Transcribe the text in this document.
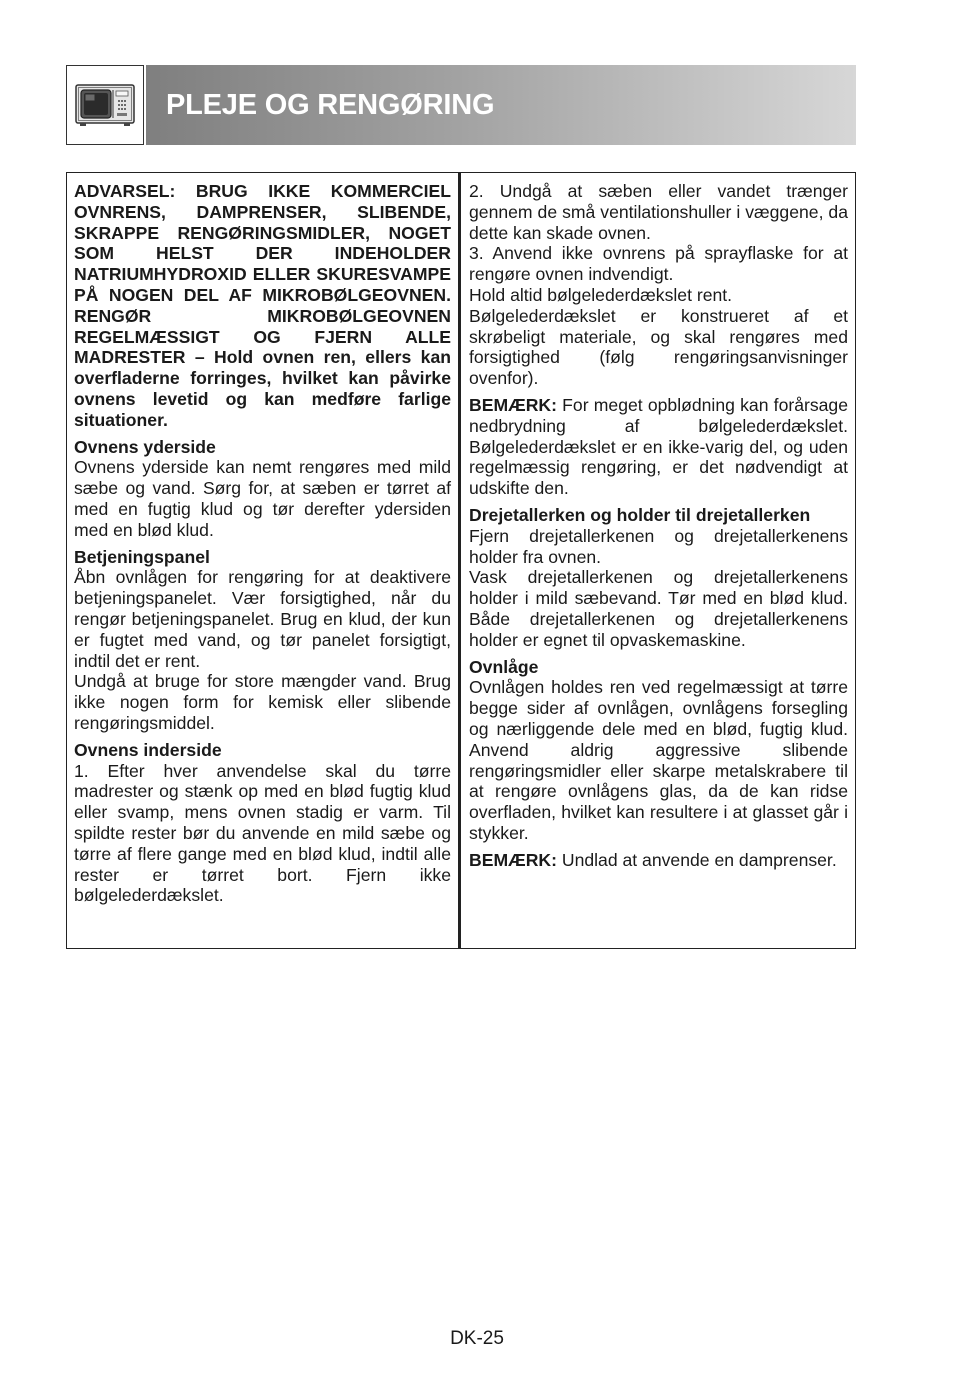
PLEJE OG RENGØRING

ADVARSEL: BRUG IKKE KOMMERCIEL OVNRENS, DAMPRENSER, SLIBENDE, SKRAPPE RENGØRINGSMIDLER, NOGET SOM HELST DER INDEHOLDER NATRIUMHYDROXID ELLER SKURESVAMPE PÅ NOGEN DEL AF MIKROBØLGEOVNEN. RENGØR MIKROBØLGEOVNEN REGELMÆSSIGT OG FJERN ALLE MADRESTER – Hold ovnen ren, ellers kan overfladerne forringes, hvilket kan påvirke ovnens levetid og kan medføre farlige situationer.

Ovnens yderside

Ovnens yderside kan nemt rengøres med mild sæbe og vand. Sørg for, at sæben er tørret af med en fugtig klud og tør derefter ydersiden med en blød klud.

Betjeningspanel

Åbn ovnlågen for rengøring for at deaktivere betjeningspanelet. Vær forsigtighed, når du rengør betjeningspanelet. Brug en klud, der kun er fugtet med vand, og tør panelet forsigtigt, indtil det er rent.

Undgå at bruge for store mængder vand. Brug ikke nogen form for kemisk eller slibende rengøringsmiddel.

Ovnens inderside

1. Efter hver anvendelse skal du tørre madrester og stænk op med en blød fugtig klud eller svamp, mens ovnen stadig er varm. Til spildte rester bør du anvende en mild sæbe og tørre af flere gange med en blød klud, indtil alle rester er tørret bort. Fjern ikke bølgelederdækslet.

2. Undgå at sæben eller vandet trænger gennem de små ventilationshuller i væggene, da dette kan skade ovnen.

3. Anvend ikke ovnrens på sprayflaske for at rengøre ovnen indvendigt.

Hold altid bølgelederdækslet rent.

Bølgelederdækslet er konstrueret af et skrøbeligt materiale, og skal rengøres med forsigtighed (følg rengøringsanvisninger ovenfor).

BEMÆRK: For meget opblødning kan forårsage nedbrydning af bølgelederdækslet. Bølgelederdækslet er en ikke-varig del, og uden regelmæssig rengøring, er det nødvendigt at udskifte den.

Drejetallerken og holder til drejetallerken

Fjern drejetallerkenen og drejetallerkenens holder fra ovnen.

Vask drejetallerkenen og drejetallerkenens holder i mild sæbevand. Tør med en blød klud. Både drejetallerkenen og drejetallerkenens holder er egnet til opvaskemaskine.

Ovnlåge

Ovnlågen holdes ren ved regelmæssigt at tørre begge sider af ovnlågen, ovnlågens forsegling og nærliggende dele med en blød, fugtig klud. Anvend aldrig aggressive slibende rengøringsmidler eller skarpe metalskrabere til at rengøre ovnlågens glas, da de kan ridse overfladen, hvilket kan resultere i at glasset går i stykker.

BEMÆRK: Undlad at anvende en damprenser.

DK-25
